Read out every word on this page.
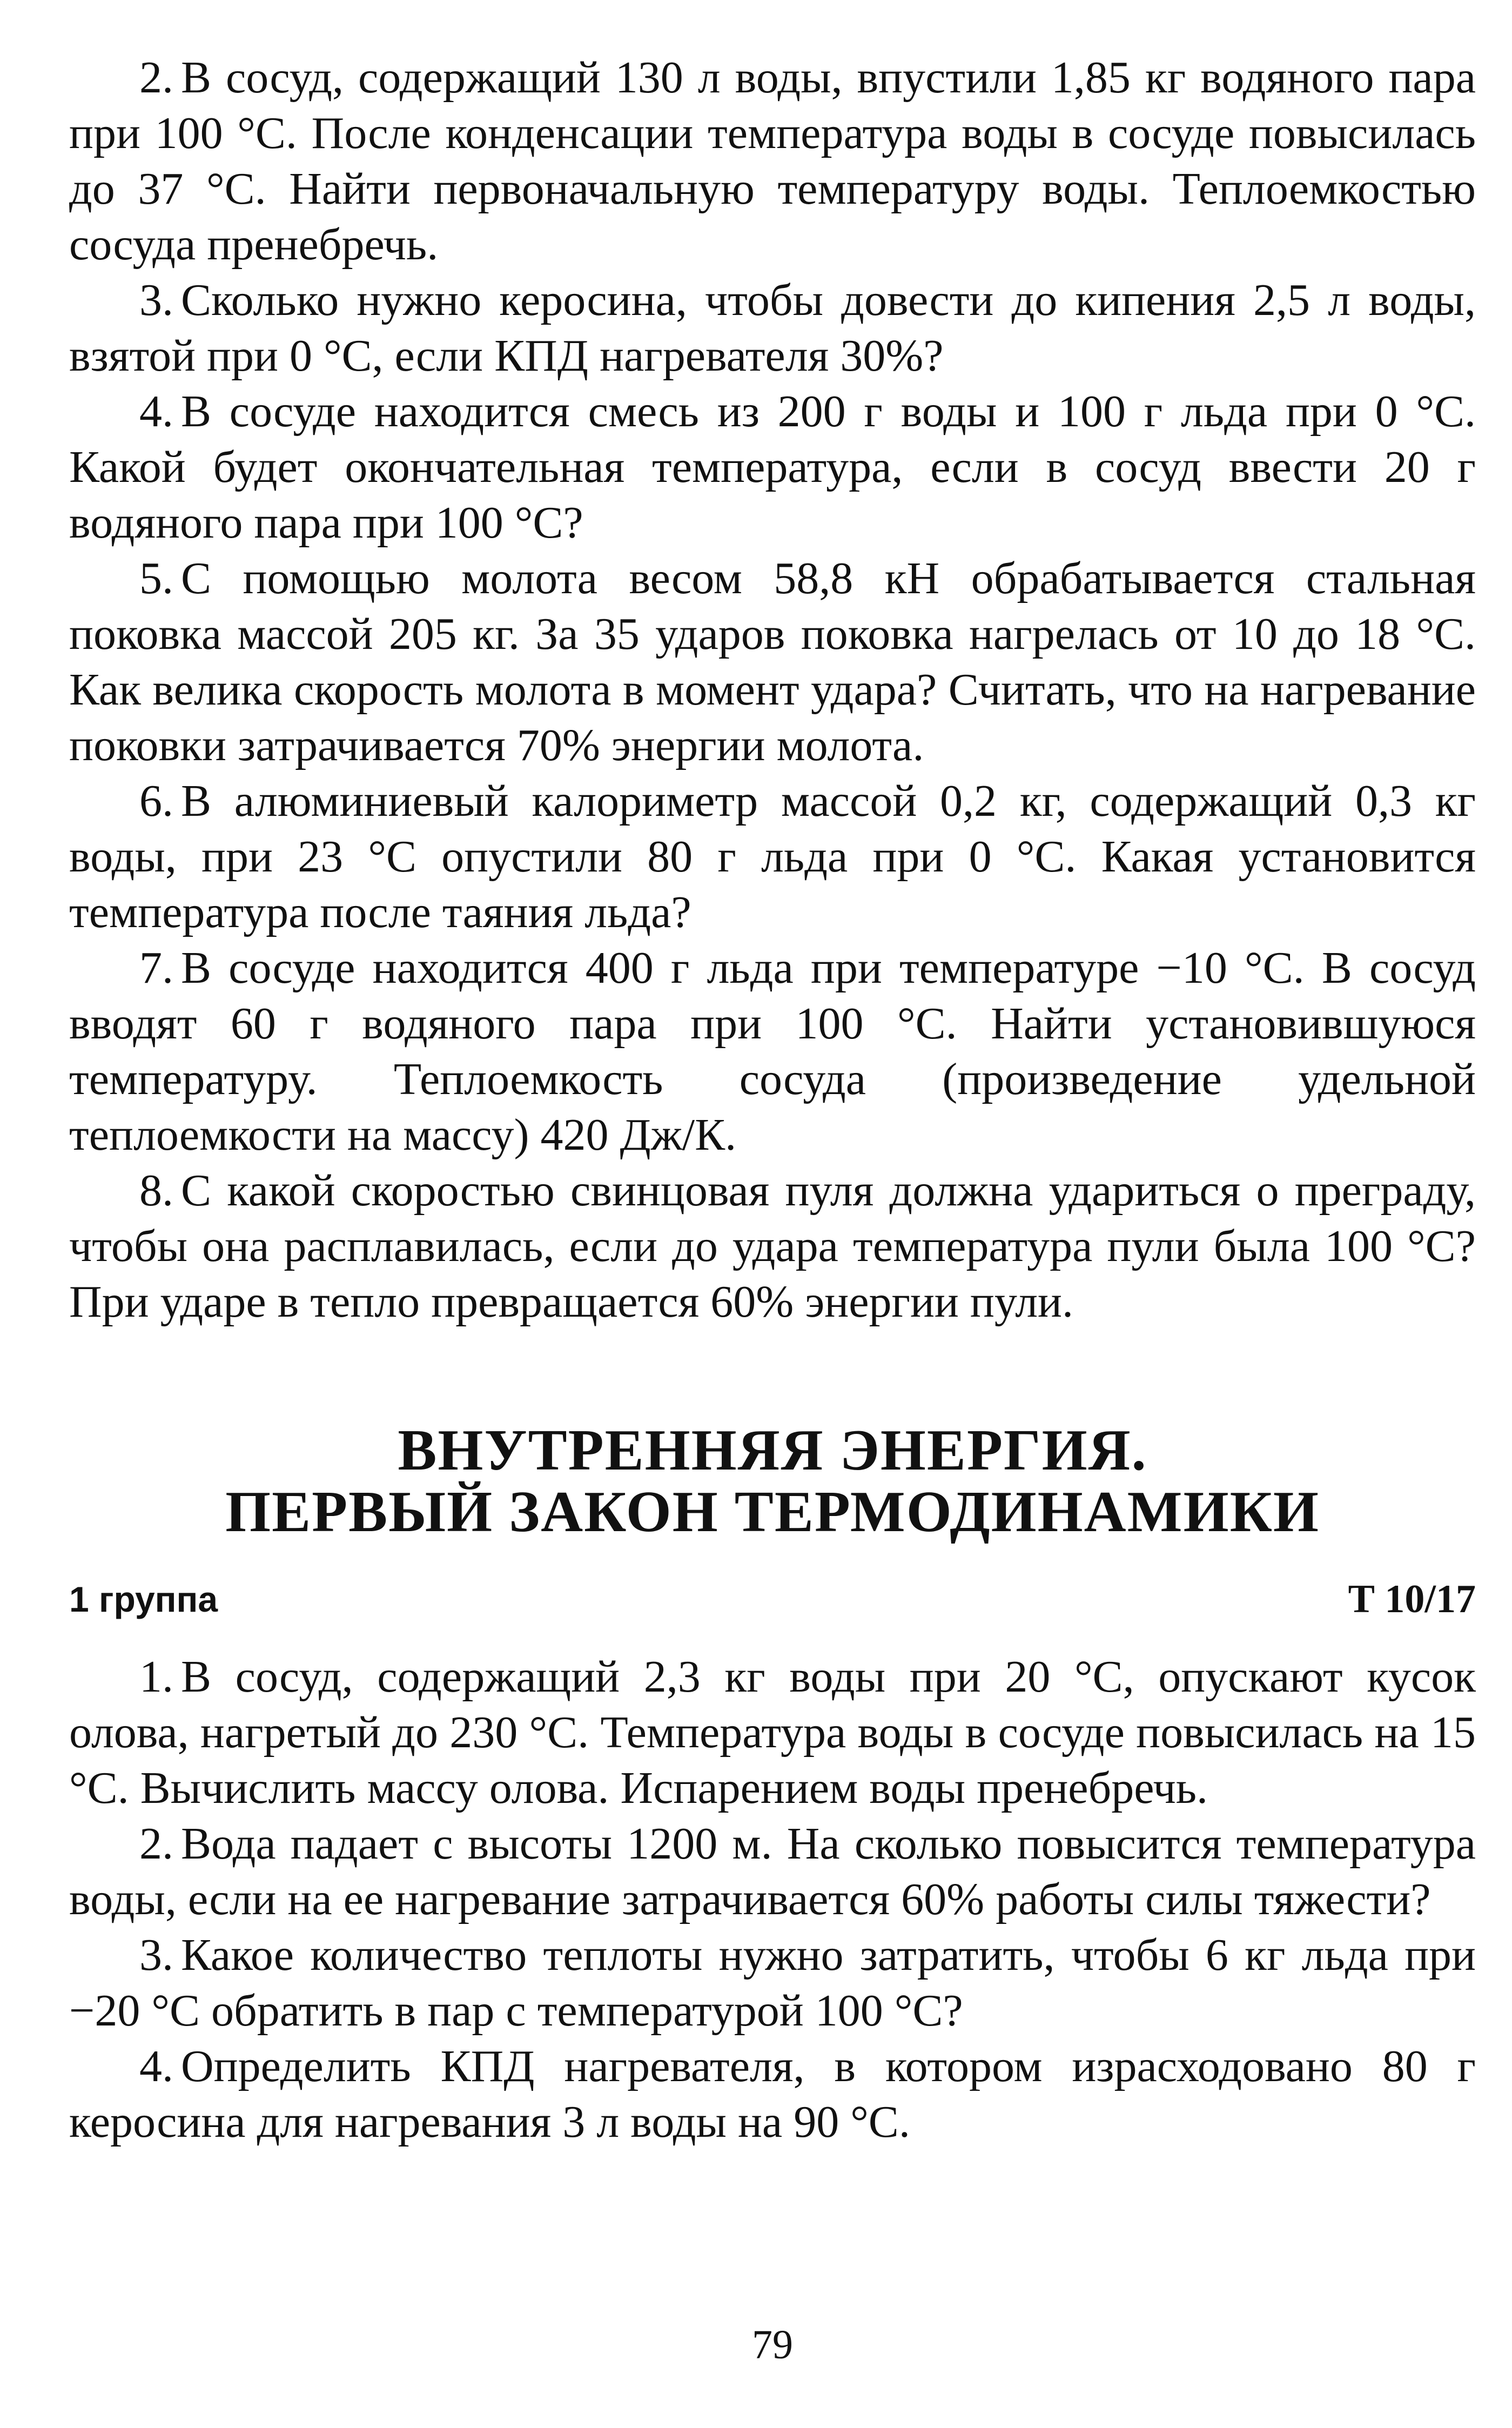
2. В сосуд, содержащий 130 л воды, впустили 1,85 кг водяного пара при 100 °С. После конденсации температура воды в сосуде повысилась до 37 °С. Найти первоначальную температуру воды. Теплоемкостью сосуда пренебречь.

3. Сколько нужно керосина, чтобы довести до кипения 2,5 л воды, взятой при 0 °С, если КПД нагревателя 30%?

4. В сосуде находится смесь из 200 г воды и 100 г льда при 0 °С. Какой будет окончательная температура, если в сосуд ввести 20 г водяного пара при 100 °С?

5. С помощью молота весом 58,8 кН обрабатывается стальная поковка массой 205 кг. За 35 ударов поковка нагрелась от 10 до 18 °С. Как велика скорость молота в момент удара? Считать, что на нагревание поковки затрачивается 70% энергии молота.

6. В алюминиевый калориметр массой 0,2 кг, содержащий 0,3 кг воды, при 23 °С опустили 80 г льда при 0 °С. Какая установится температура после таяния льда?

7. В сосуде находится 400 г льда при температуре −10 °С. В сосуд вводят 60 г водяного пара при 100 °С. Найти установившуюся температуру. Теплоемкость сосуда (произведение удельной теплоемкости на массу) 420 Дж/К.

8. С какой скоростью свинцовая пуля должна удариться о преграду, чтобы она расплавилась, если до удара температура пули была 100 °С? При ударе в тепло превращается 60% энергии пули.

ВНУТРЕННЯЯ ЭНЕРГИЯ.
ПЕРВЫЙ ЗАКОН ТЕРМОДИНАМИКИ
1 группа	Т 10/17

1. В сосуд, содержащий 2,3 кг воды при 20 °С, опускают кусок олова, нагретый до 230 °С. Температура воды в сосуде повысилась на 15 °С. Вычислить массу олова. Испарением воды пренебречь.

2. Вода падает с высоты 1200 м. На сколько повысится температура воды, если на ее нагревание затрачивается 60% работы силы тяжести?

3. Какое количество теплоты нужно затратить, чтобы 6 кг льда при −20 °С обратить в пар с температурой 100 °С?

4. Определить КПД нагревателя, в котором израсходовано 80 г керосина для нагревания 3 л воды на 90 °С.

79
